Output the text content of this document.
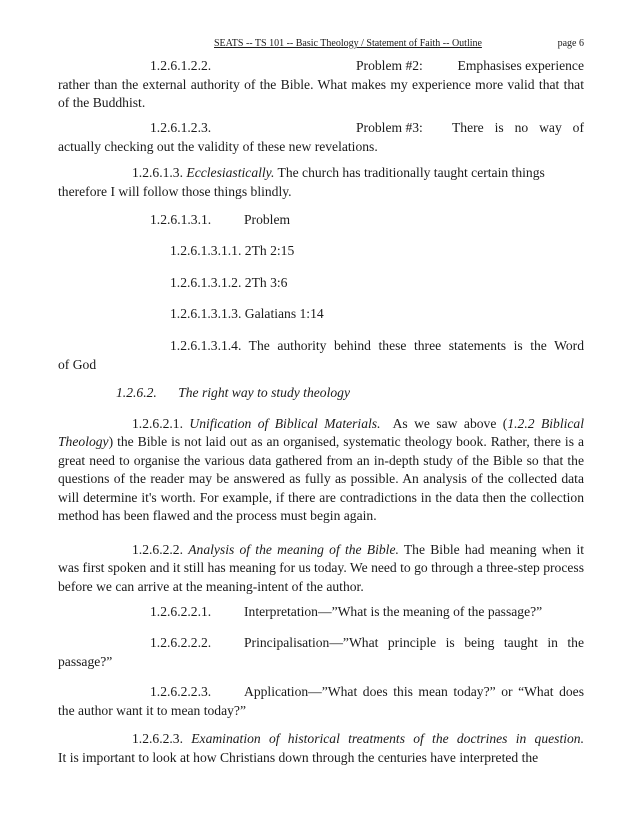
SEATS -- TS 101 -- Basic Theology / Statement of Faith -- Outline	page 6
1.2.6.1.2.2.	Problem #2:	Emphasises experience
rather than the external authority of the Bible. What makes my experience more valid that that of the Buddhist.
1.2.6.1.2.3.	Problem #3: There is no way of
actually checking out the validity of these new revelations.
1.2.6.1.3. Ecclesiastically. The church has traditionally taught certain things
therefore I will follow those things blindly.
1.2.6.1.3.1. Problem
1.2.6.1.3.1.1. 2Th 2:15
1.2.6.1.3.1.2. 2Th 3:6
1.2.6.1.3.1.3. Galatians 1:14
1.2.6.1.3.1.4. The authority behind these three statements is the Word
of God
1.2.6.2. The right way to study theology
1.2.6.2.1. Unification of Biblical Materials. As we saw above (1.2.2 Biblical Theology) the Bible is not laid out as an organised, systematic theology book. Rather, there is a great need to organise the various data gathered from an in-depth study of the Bible so that the questions of the reader may be answered as fully as possible. An analysis of the collected data will determine it's worth. For example, if there are contradictions in the data then the collection method has been flawed and the process must begin again.
1.2.6.2.2. Analysis of the meaning of the Bible. The Bible had meaning when it was first spoken and it still has meaning for us today. We need to go through a three-step process before we can arrive at the meaning-intent of the author.
1.2.6.2.2.1. Interpretation—”What is the meaning of the passage?”
1.2.6.2.2.2. Principalisation—”What principle is being taught in the
passage?”
1.2.6.2.2.3. Application—”What does this mean today?” or “What does
the author want it to mean today?”
1.2.6.2.3. Examination of historical treatments of the doctrines in question.
It is important to look at how Christians down through the centuries have interpreted the
